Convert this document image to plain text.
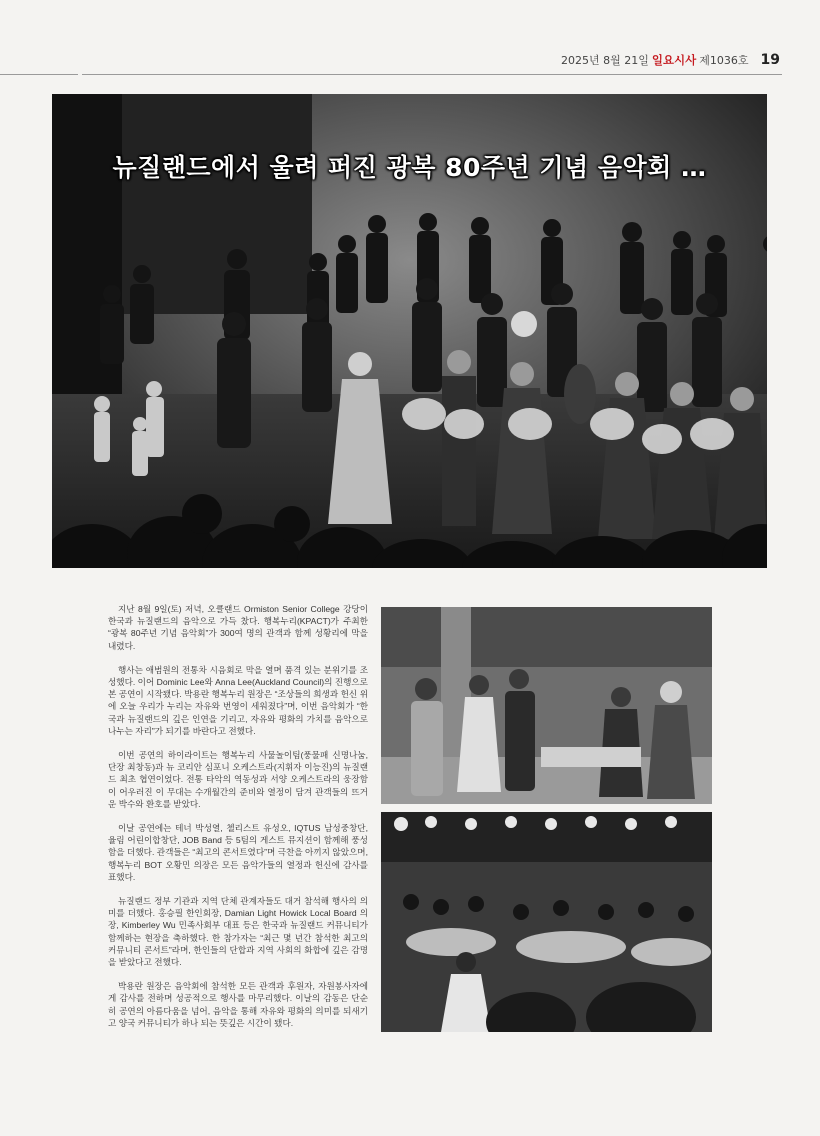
2025년 8월 21일 일요시사 제1036호 19
뉴질랜드에서 울려 퍼진 광복 80주년 기념 음악회 …

지난 8월 9일(토) 저녁, 오클랜드 Ormiston Senior College 강당이 한국과 뉴질랜드의 음악으로 가득 찼다. 행복누리(KPACT)가 주최한 “광복 80주년 기념 음악회”가 300여 명의 관객과 함께 성황리에 막을 내렸다.

행사는 애범원의 전통차 시음회로 막을 열며 품격 있는 분위기를 조성했다. 이어 Dominic Lee와 Anna Lee(Auckland Council)의 진행으로 본 공연이 시작됐다. 박용란 행복누리 원장은 “조상들의 희생과 헌신 위에 오늘 우리가 누리는 자유와 번영이 세워졌다”며, 이번 음악회가 “한국과 뉴질랜드의 깊은 인연을 기리고, 자유와 평화의 가치를 음악으로 나누는 자리”가 되기를 바란다고 전했다.

이번 공연의 하이라이트는 행복누리 사물놀이팀(풍물패 신명나눔, 단장 최창동)과 뉴 코리안 심포니 오케스트라(지휘자 이능진)의 뉴질랜드 최초 협연이었다. 전통 타악의 역동성과 서양 오케스트라의 웅장함이 어우러진 이 무대는 수개월간의 준비와 열정이 담겨 관객들의 뜨거운 박수와 환호를 받았다.

이날 공연에는 테너 박성열, 첼리스트 유성오, IQTUS 남성중창단, 율림 어린이합창단, JOB Band 등 5팀의 게스트 뮤지션이 함께해 풍성함을 더했다. 관객들은 “최고의 콘서트였다”며 극찬을 아끼지 않았으며, 행복누리 BOT 오황민 의장은 모든 음악가들의 열정과 헌신에 감사를 표했다.

뉴질랜드 정부 기관과 지역 단체 관계자들도 대거 참석해 행사의 의미를 더했다. 홍승필 한인회장, Damian Light Howick Local Board 의장, Kimberley Wu 민족사회부 대표 등은 한국과 뉴질랜드 커뮤니티가 함께하는 현장을 축하했다. 한 참가자는 “최근 몇 년간 참석한 최고의 커뮤니티 콘서트”라며, 한인들의 단합과 지역 사회의 화합에 깊은 감명을 받았다고 전했다.

박용란 원장은 음악회에 참석한 모든 관객과 후원자, 자원봉사자에게 감사를 전하며 성공적으로 행사를 마무리했다. 이날의 감동은 단순히 공연의 아름다움을 넘어, 음악을 통해 자유와 평화의 의미를 되새기고 양국 커뮤니티가 하나 되는 뜻깊은 시간이 됐다.
